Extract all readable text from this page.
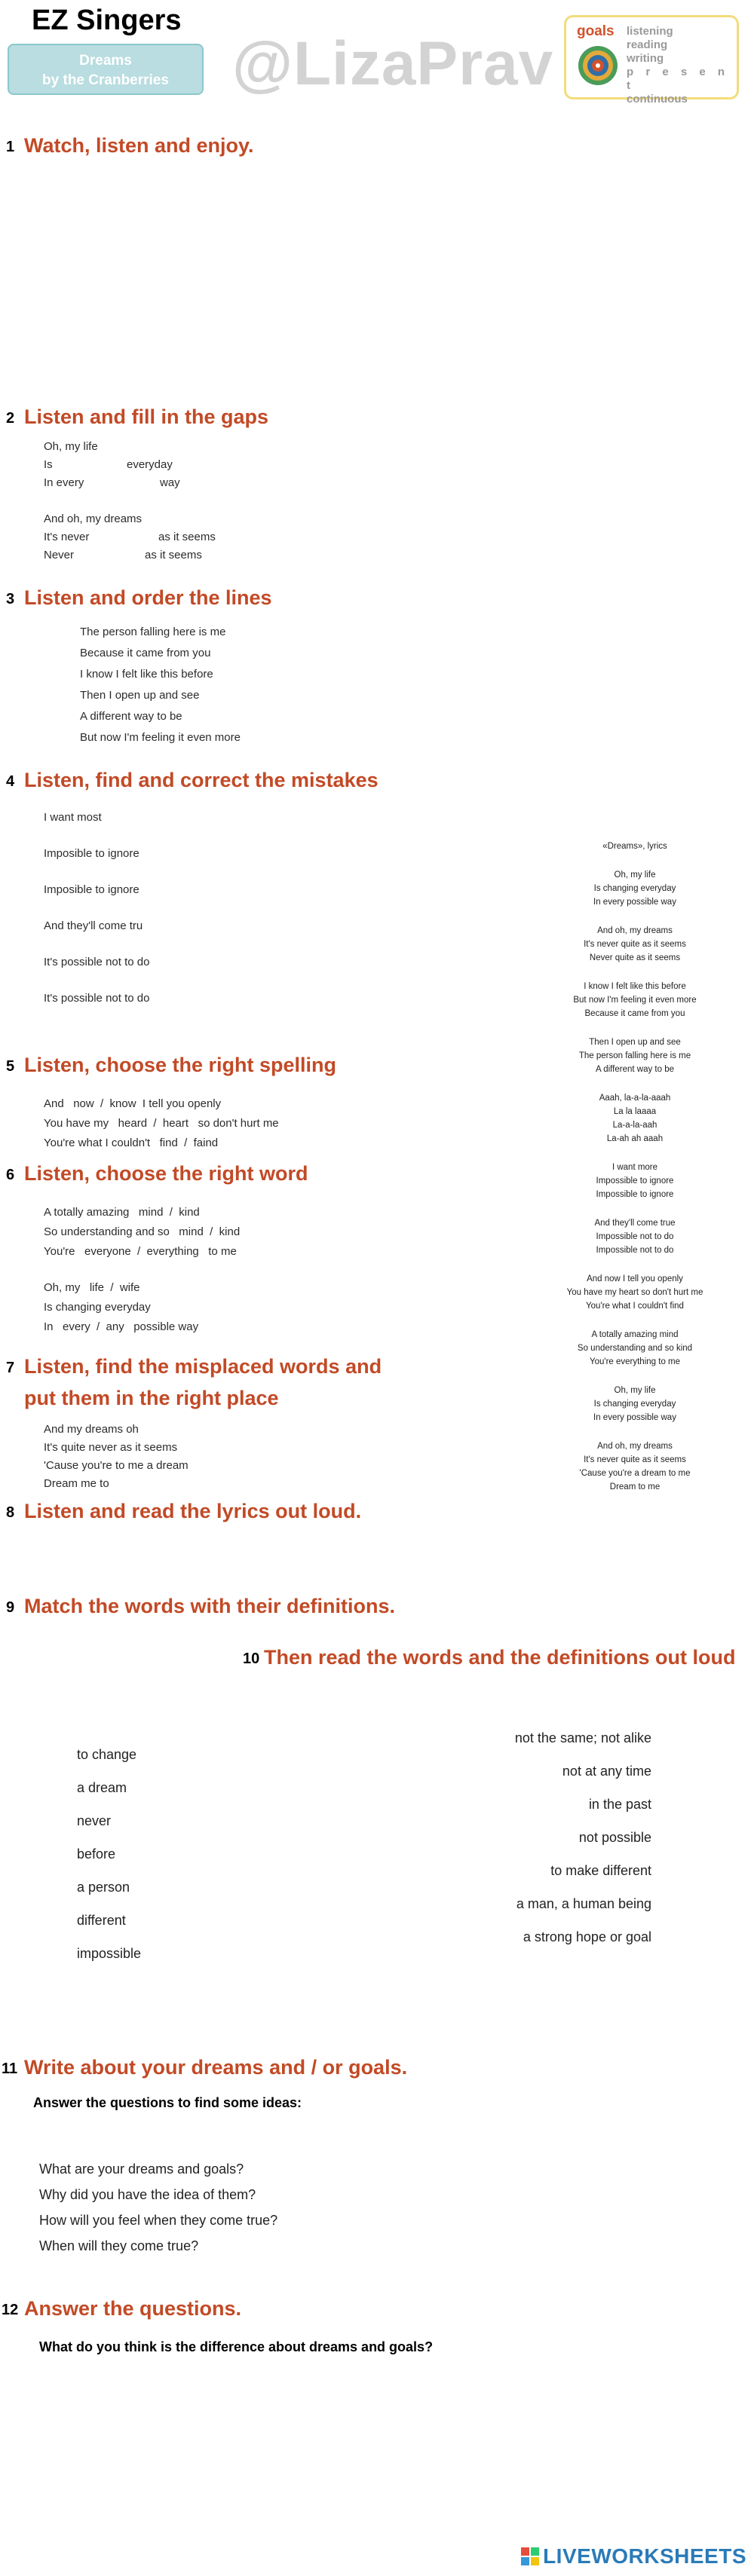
EZ Singers
Dreams
by the Cranberries	@LizaPrav goals listening
reading
writing
p r e s e n t
continuous
1 Watch, listen and enjoy.
2 Listen and fill in the gaps
Oh, my life
Is	everyday
In every	way
And oh, my dreams
It's never	as it seems
Never	as it seems
3 Listen and order the lines
The person falling here is me
Because it came from you
I know I felt like this before
Then I open up and see
A different way to be
But now I'm feeling it even more
4 Listen, find and correct the mistakes
I want most
Imposible to ignore
Imposible to ignore
And they'll come tru
It's possible not to do
It's possible not to do
«Dreams», lyrics
Oh, my life
Is changing everyday
In every possible way
And oh, my dreams
It's never quite as it seems
Never quite as it seems
I know I felt like this before
But now I'm feeling it even more
Because it came from you
Then I open up and see
The person falling here is me
A different way to be
Aaah, la-a-la-aaah
La la laaaa
La-a-la-aah
La-ah ah aaah
I want more
Impossible to ignore
Impossible to ignore
And they'll come true
Impossible not to do
Impossible not to do
And now I tell you openly
You have my heart so don't hurt me
You're what I couldn't find
A totally amazing mind
So understanding and so kind
You're everything to me
Oh, my life
Is changing everyday
In every possible way
And oh, my dreams
It's never quite as it seems
'Cause you're a dream to me
Dream to me
5 Listen, choose the right spelling
And   now  /  know  I tell you openly
You have my   heard  /  heart   so don't hurt me
You're what I couldn't   find  /  faind
6 Listen, choose the right word
A totally amazing   mind  /  kind
So understanding and so   mind  /  kind
You're   everyone  /  everything   to me
Oh, my   life  /  wife
Is changing everyday
In   every  /  any   possible way
7 Listen, find the misplaced words and
put them in the right place
And my dreams oh
It's quite never as it seems
'Cause you're to me a dream
Dream me to
8 Listen and read the lyrics out loud.
9 Match the words with their definitions.
10 Then read the words and the definitions out loud
to change
a dream
never
before
a person
different
impossible
not the same; not alike
not at any time
in the past
not possible
to make different
a man, a human being
a strong hope or goal
11 Write about your dreams and / or goals.
Answer the questions to find some ideas:
What are your dreams and goals?
Why did you have the idea of them?
How will you feel when they come true?
When will they come true?
12 Answer the questions.
What do you think is the difference about dreams and goals?
LIVEWORKSHEETS
